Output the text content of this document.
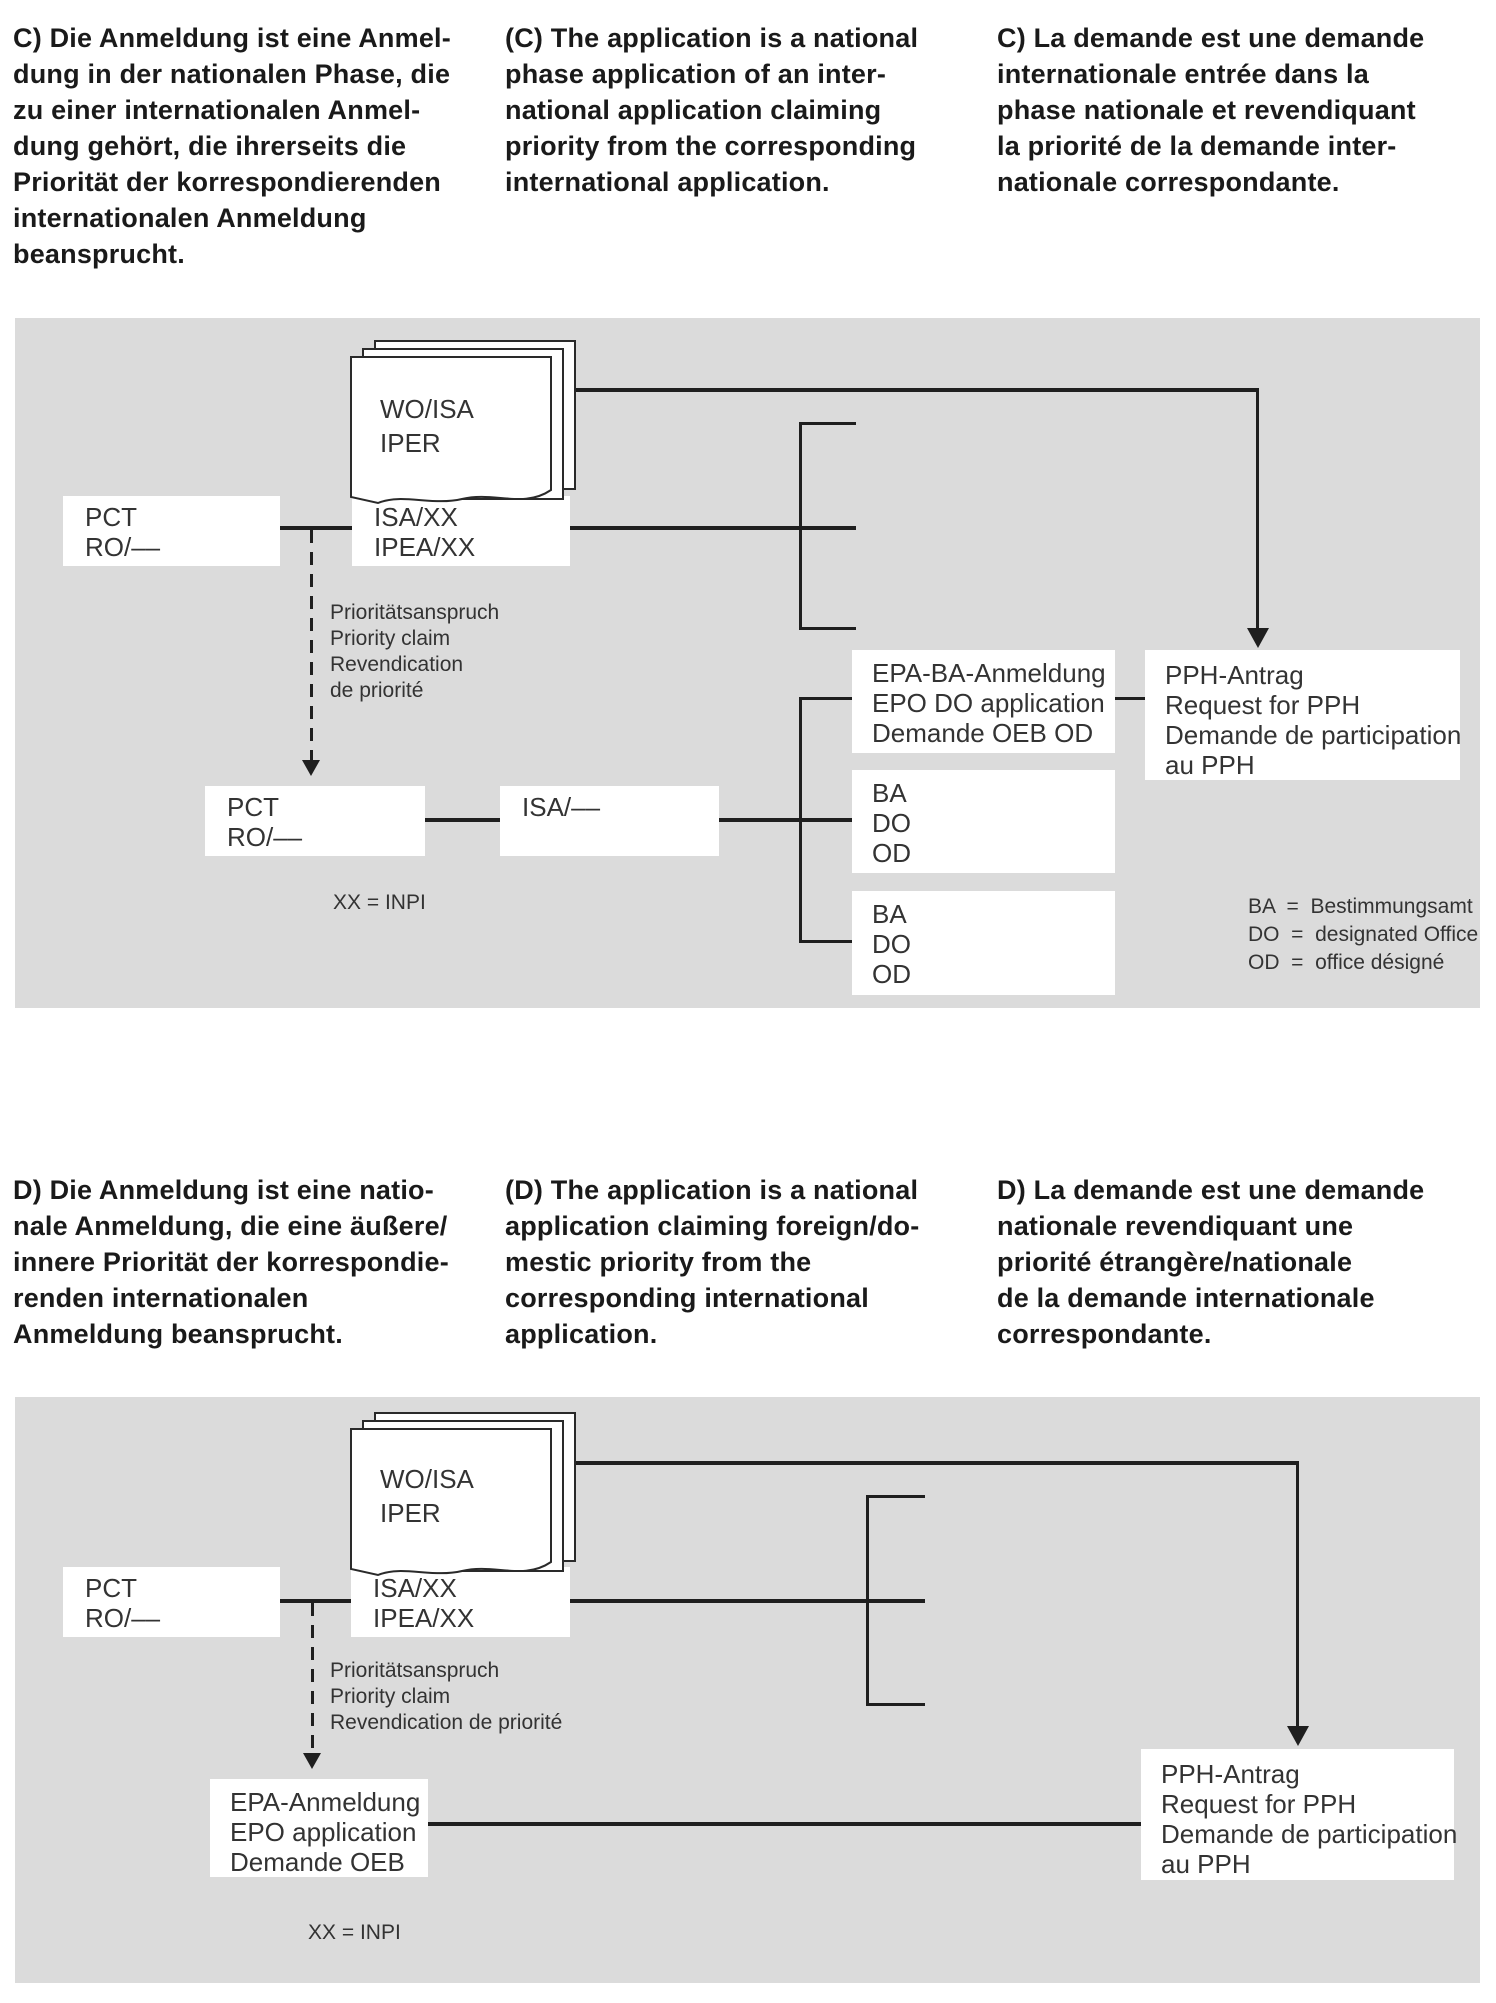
C) Die Anmeldung ist eine Anmel-
dung in der nationalen Phase, die
zu einer internationalen Anmel-
dung gehört, die ihrerseits die
Priorität der korrespondierenden
internationalen Anmeldung
beansprucht.
(C) The application is a national
phase application of an inter-
national application claiming
priority from the corresponding
international application.
C) La demande est une demande
internationale entrée dans la
phase nationale et revendiquant
la priorité de la demande inter-
nationale correspondante.
Prioritätsanspruch
Priority claim
Revendication
de priorité
PCT
RO/––
ISA/XX
IPEA/XX
PCT
RO/––
ISA/––
EPA-BA-Anmeldung
EPO DO application
Demande OEB OD
PPH-Antrag
Request for PPH
Demande de participation
au PPH
BA
DO
OD
BA
DO
OD
WO/ISA
IPER
XX = INPI	BA  =  Bestimmungsamt
DO  =  designated Office
OD  =  office désigné
D) Die Anmeldung ist eine natio-
nale Anmeldung, die eine äußere/
innere Priorität der korrespondie-
renden internationalen
Anmeldung beansprucht.
(D) The application is a national
application claiming foreign/do-
mestic priority from the
corresponding international
application.
D) La demande est une demande
nationale revendiquant une
priorité étrangère/nationale
de la demande internationale
correspondante.
Prioritätsanspruch
Priority claim
Revendication de priorité
PCT
RO/––
ISA/XX
IPEA/XX
EPA-Anmeldung
EPO application
Demande OEB
PPH-Antrag
Request for PPH
Demande de participation
au PPH
WO/ISA
IPER
XX = INPI
